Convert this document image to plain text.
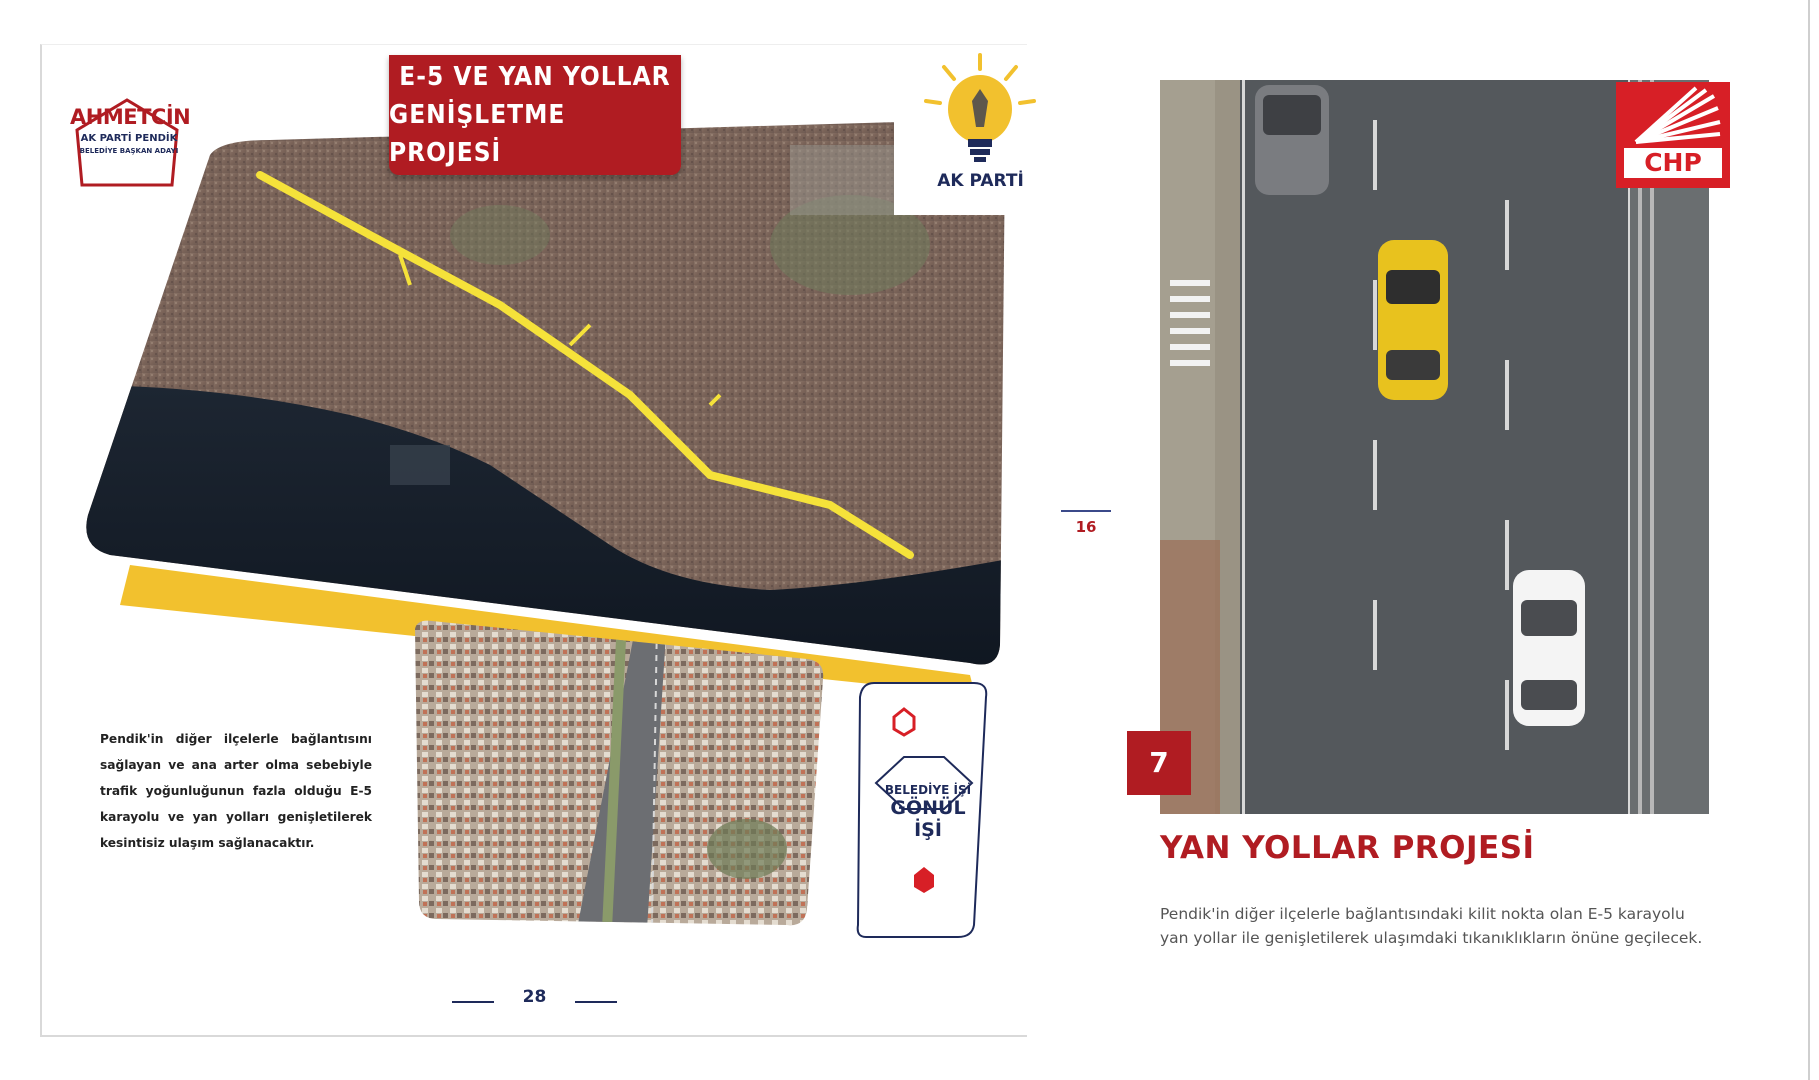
AHMETCİN
AK PARTİ PENDİK
BELEDİYE BAŞKAN ADAYI
E-5 VE YAN YOLLAR
GENİŞLETME PROJESİ
AK PARTİ
Pendik'in diğer ilçelerle bağlantısını sağlayan ve ana arter olma sebebiyle trafik yoğunluğunun fazla olduğu E-5 karayolu ve yan yolları genişletilerek kesintisiz ulaşım sağlanacaktır.
BELEDİYE İŞİ
GÖNÜL İŞİ
28
16
CHP
7
YAN YOLLAR PROJESİ
Pendik'in diğer ilçelerle bağlantısındaki kilit nokta olan E-5 karayolu yan yollar ile genişletilerek ulaşımdaki tıkanıklıkların önüne geçilecek.
